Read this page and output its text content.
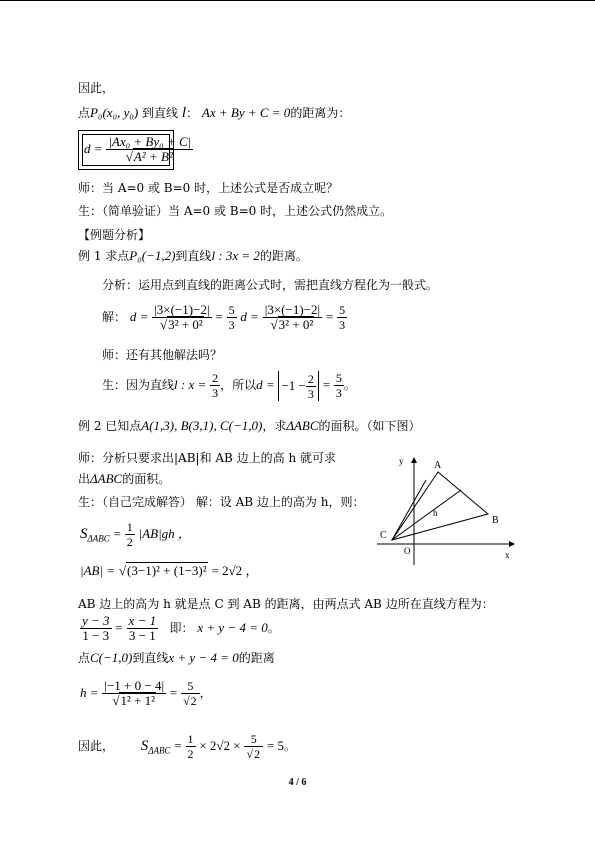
因此，
点P₀(x₀, y₀) 到直线 l： Ax + By + C = 0的距离为：
$d = \frac{\text{|Ax₀ + By₀ + C|}}{\text{√A² + B²}}$
师：当 A=0 或 B=0 时，上述公式是否成立呢？
生：（简单验证）当 A=0 或 B=0 时，上述公式仍然成立。
【例题分析】
例 1 求点P₀(−1,2)到直线l : 3x = 2的距离。
分析：运用点到直线的距离公式时，需把直线方程化为一般式。
解： $d = \frac{|3\times(-1)-2|}{\text{√3² + 0²}} = \frac{5}{3}$ $d = \frac{|3\times(-1)-2|}{\text{√3² + 0²}} = \frac{5}{3}$
师：还有其他解法吗？
生：因为直线l : $x = \frac{2}{3}$ ，所以$d = -1 - \frac{2}{3} = \frac{5}{3}$ 。
例 2 已知点A(1,3), B(3,1), C(−1,0)，求ΔABC的面积。（如下图）
师：分析只要求出|AB|和 AB 边上的高 h 就可求
出ΔABC的面积。
生：（自己完成解答） 解：设 AB 边上的高为 h，则：
$S_{\Delta ABC} = \frac{1}{2} |AB|gh$ ，
|AB| = √(3−1)² + (1−3)² = 2√2 ，
AB 边上的高为 h 就是点 C 到 AB 的距离，由两点式 AB 边所在直线方程为：
$\frac{y - 3}{1 - 3} = \frac{x - 1}{3 - 1}$ 即： x + y − 4 = 0。
点C(−1,0)到直线x + y − 4 = 0的距离
$h = \frac{|-1 + 0 - 4|}{\text{√1² + 1²}} = \frac{5}{√2}$ ，
因此， $S_{\Delta ABC} = \frac{1}{2} \times 2√2 \times \frac{5}{√2} = 5$。
y
x
A
B
C
O
h
4 / 6
